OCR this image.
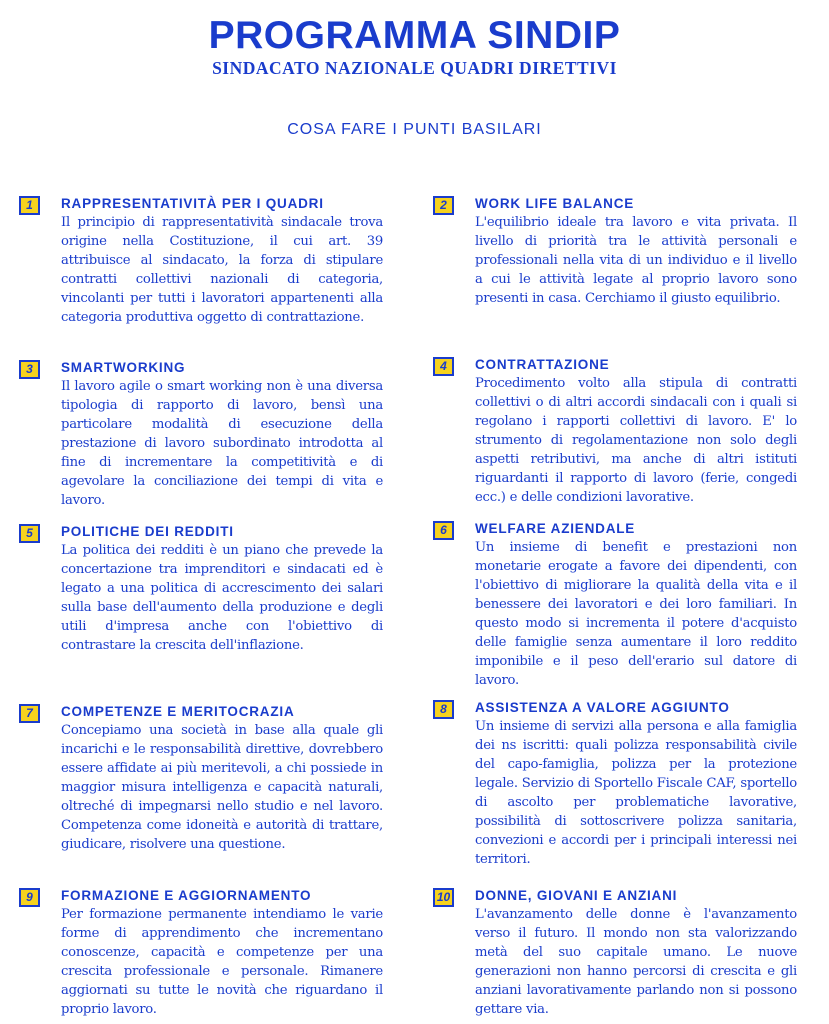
PROGRAMMA SINDIP
SINDACATO NAZIONALE QUADRI DIRETTIVI
COSA FARE I PUNTI BASILARI
1	RAPPRESENTATIVITÀ PER I QUADRI
Il principio di rappresentatività sindacale trova origine nella Costituzione, il cui art. 39 attribuisce al sindacato, la forza di stipulare contratti collettivi nazionali di categoria, vincolanti per tutti i lavoratori appartenenti alla categoria produttiva oggetto di contrattazione.
2	WORK LIFE BALANCE
L'equilibrio ideale tra lavoro e vita privata. Il livello di priorità tra le attività personali e professionali nella vita di un individuo e il livello a cui le attività legate al proprio lavoro sono presenti in casa. Cerchiamo il giusto equilibrio.
3	SMARTWORKING
Il lavoro agile o smart working non è una diversa tipologia di rapporto di lavoro, bensì una particolare modalità di esecuzione della prestazione di lavoro subordinato introdotta al fine di incrementare la competitività e di agevolare la conciliazione dei tempi di vita e lavoro.
4	CONTRATTAZIONE
Procedimento volto alla stipula di contratti collettivi o di altri accordi sindacali con i quali si regolano i rapporti collettivi di lavoro. E' lo strumento di regolamentazione non solo degli aspetti retributivi, ma anche di altri istituti riguardanti il rapporto di lavoro (ferie, congedi ecc.) e delle condizioni lavorative.
5	POLITICHE DEI REDDITI
La politica dei redditi è un piano che prevede la concertazione tra imprenditori e sindacati ed è legato a una politica di accrescimento dei salari sulla base dell'aumento della produzione e degli utili d'impresa anche con l'obiettivo di contrastare la crescita dell'inflazione.
6	WELFARE AZIENDALE
Un insieme di benefit e prestazioni non monetarie erogate a favore dei dipendenti, con l'obiettivo di migliorare la qualità della vita e il benessere dei lavoratori e dei loro familiari. In questo modo si incrementa il potere d'acquisto delle famiglie senza aumentare il loro reddito imponibile e il peso dell'erario sul datore di lavoro.
7	COMPETENZE E MERITOCRAZIA
Concepiamo una società in base alla quale gli incarichi e le responsabilità direttive, dovrebbero essere affidate ai più meritevoli, a chi possiede in maggior misura intelligenza e capacità naturali, oltreché di impegnarsi nello studio e nel lavoro. Competenza come idoneità e autorità di trattare, giudicare, risolvere una questione.
8	ASSISTENZA A VALORE AGGIUNTO
Un insieme di servizi alla persona e alla famiglia dei ns iscritti: quali polizza responsabilità civile del capo-famiglia, polizza per la protezione legale. Servizio di Sportello Fiscale CAF, sportello di ascolto per problematiche lavorative, possibilità di sottoscrivere polizza sanitaria, convezioni e accordi per i principali interessi nei territori.
9	FORMAZIONE E AGGIORNAMENTO
Per formazione permanente intendiamo le varie forme di apprendimento che incrementano conoscenze, capacità e competenze per una crescita professionale e personale. Rimanere aggiornati su tutte le novità che riguardano il proprio lavoro.
10 DONNE, GIOVANI E ANZIANI
L'avanzamento delle donne è l'avanzamento verso il futuro. Il mondo non sta valorizzando metà del suo capitale umano. Le nuove generazioni non hanno percorsi di crescita e gli anziani lavorativamente parlando non si possono gettare via.
